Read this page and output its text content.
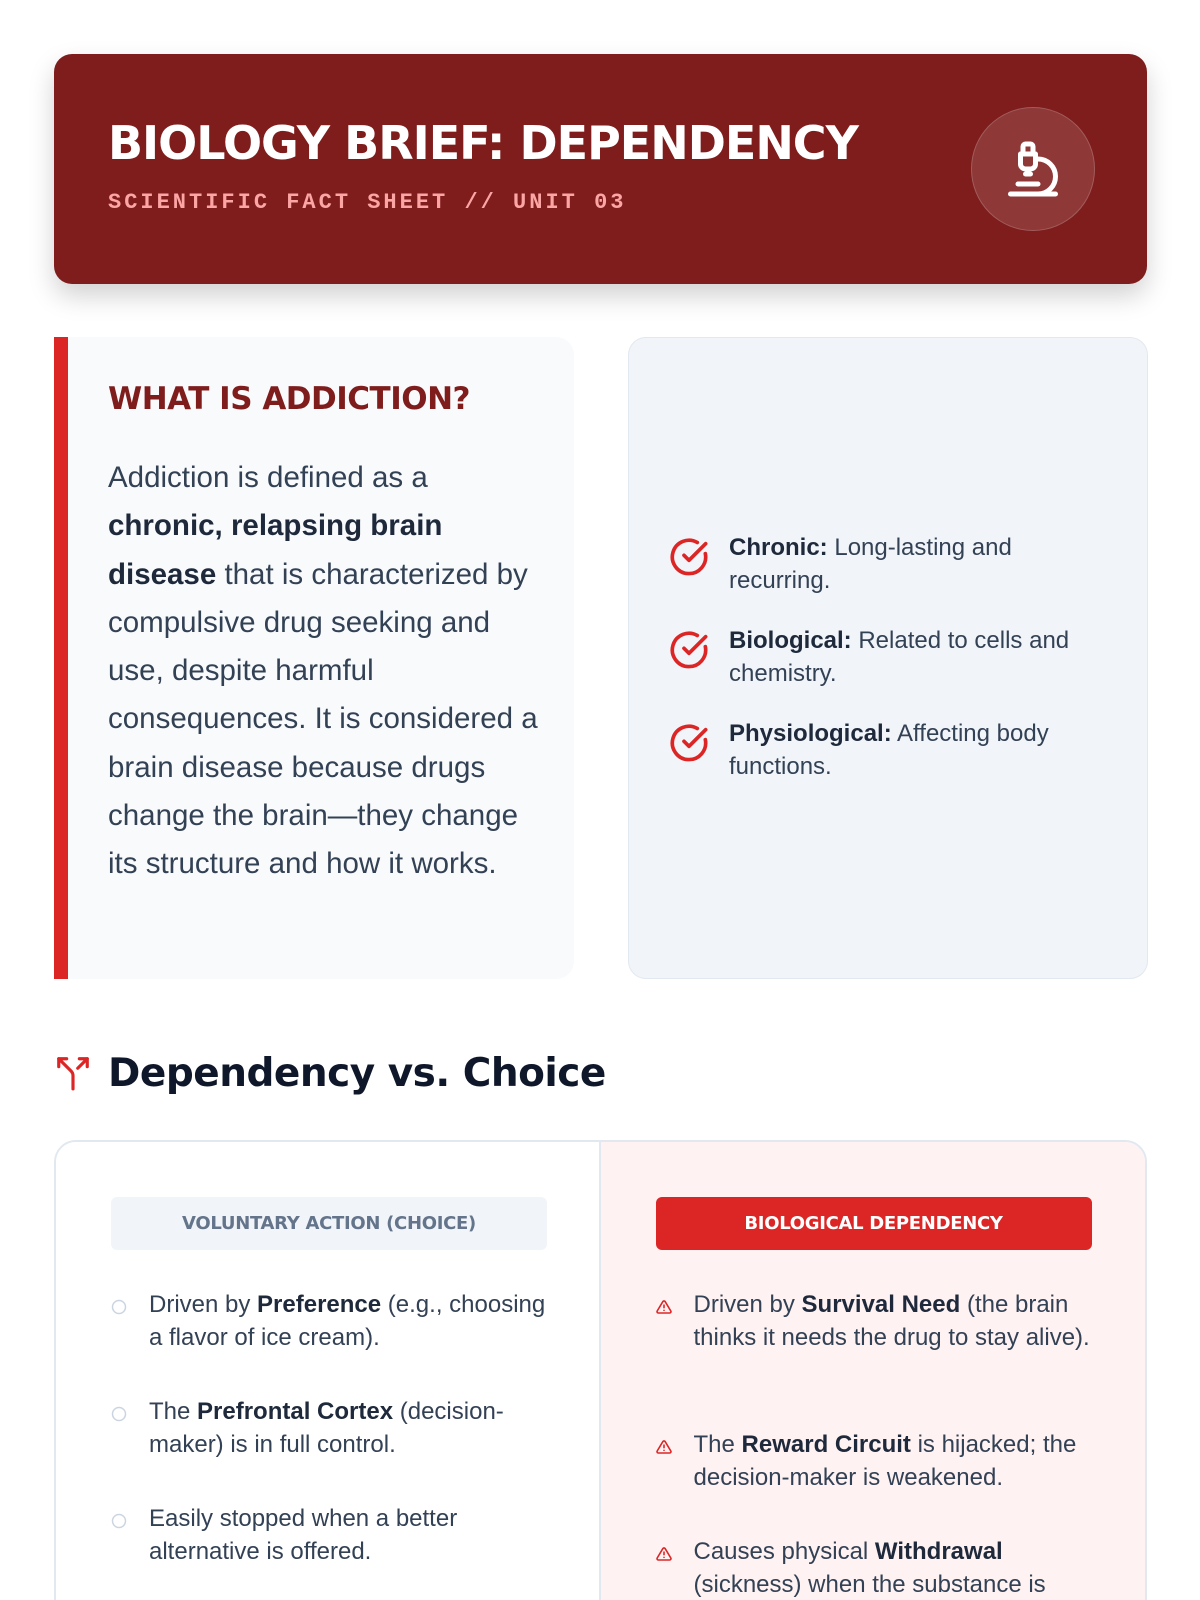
BIOLOGY BRIEF: DEPENDENCY
SCIENTIFIC FACT SHEET // UNIT 03
WHAT IS ADDICTION?
Addiction is defined as a chronic, relapsing brain disease that is characterized by compulsive drug seeking and use, despite harmful consequences. It is considered a brain disease because drugs change the brain—they change its structure and how it works.
Chronic: Long-lasting and recurring.
Biological: Related to cells and chemistry.
Physiological: Affecting body functions.
Dependency vs. Choice
VOLUNTARY ACTION (CHOICE)
Driven by Preference (e.g., choosing a flavor of ice cream).
The Prefrontal Cortex (decision-maker) is in full control.
Easily stopped when a better alternative is offered.
BIOLOGICAL DEPENDENCY
Driven by Survival Need (the brain thinks it needs the drug to stay alive).
The Reward Circuit is hijacked; the decision-maker is weakened.
Causes physical Withdrawal (sickness) when the substance is
